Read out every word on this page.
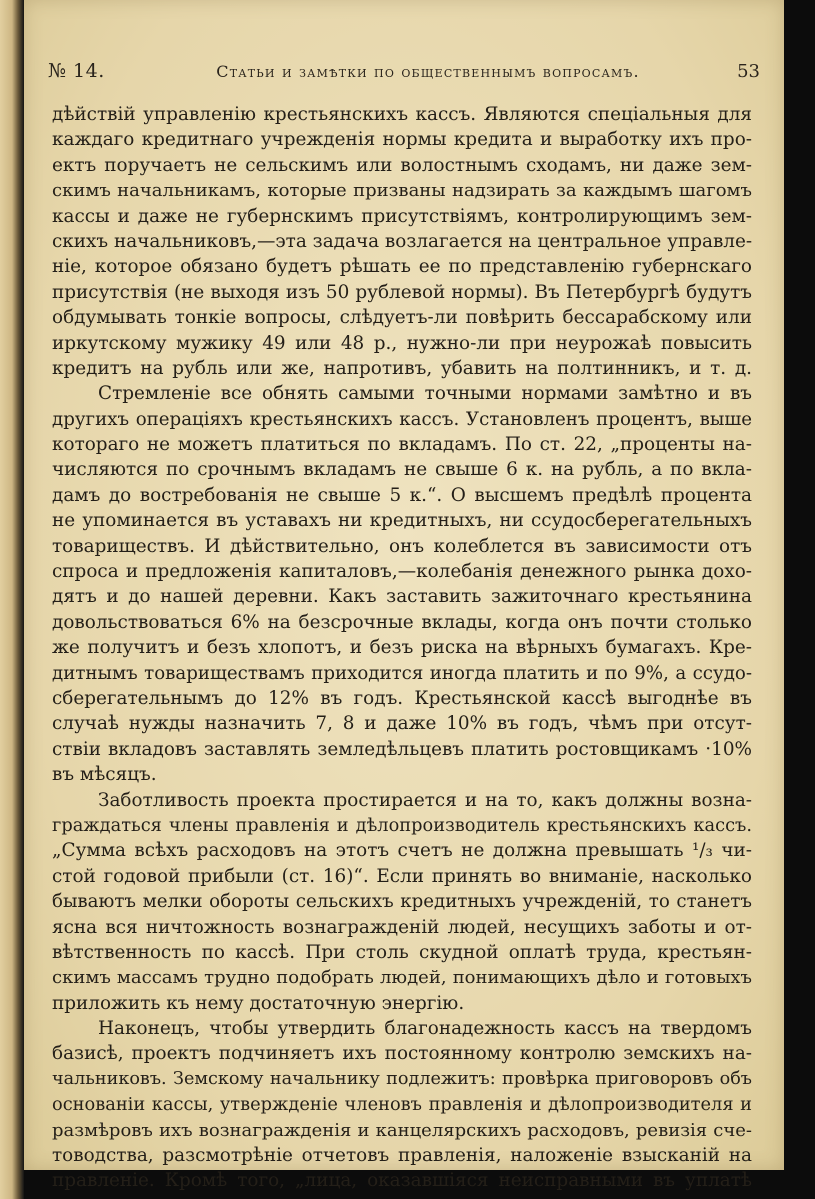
№ 14.	Статьи и замѣтки по общественнымъ вопросамъ.	53
дѣйствій управленію крестьянскихъ кассъ. Являются спеціальныя для
каждаго кредитнаго учрежденія нормы кредита и выработку ихъ про-
ектъ поручаетъ не сельскимъ или волостнымъ сходамъ, ни даже зем-
скимъ начальникамъ, которые призваны надзирать за каждымъ шагомъ
кассы и даже не губернскимъ присутствіямъ, контролирующимъ зем-
скихъ начальниковъ,—эта задача возлагается на центральное управле-
ніе, которое обязано будетъ рѣшать ее по представленію губернскаго
присутствія (не выходя изъ 50 рублевой нормы). Въ Петербургѣ будутъ
обдумывать тонкіе вопросы, слѣдуетъ-ли повѣрить бессарабскому или
иркутскому мужику 49 или 48 р., нужно-ли при неурожаѣ повысить
кредитъ на рубль или же, напротивъ, убавить на полтинникъ, и т. д.
Стремленіе все обнять самыми точными нормами замѣтно и въ
другихъ операціяхъ крестьянскихъ кассъ. Установленъ процентъ, выше
котораго не можетъ платиться по вкладамъ. По ст. 22, „проценты на-
числяются по срочнымъ вкладамъ не свыше 6 к. на рубль, а по вкла-
дамъ до востребованія не свыше 5 к.“. О высшемъ предѣлѣ процента
не упоминается въ уставахъ ни кредитныхъ, ни ссудосберегательныхъ
товариществъ. И дѣйствительно, онъ колеблется въ зависимости отъ
спроса и предложенія капиталовъ,—колебанія денежного рынка дохо-
дятъ и до нашей деревни. Какъ заставить зажиточнаго крестьянина
довольствоваться 6% на безсрочные вклады, когда онъ почти столько
же получитъ и безъ хлопотъ, и безъ риска на вѣрныхъ бумагахъ. Кре-
дитнымъ товариществамъ приходится иногда платить и по 9%, а ссудо-
сберегательнымъ до 12% въ годъ. Крестьянской кассѣ выгоднѣе въ
случаѣ нужды назначить 7, 8 и даже 10% въ годъ, чѣмъ при отсут-
ствіи вкладовъ заставлять земледѣльцевъ платить ростовщикамъ ·10%
въ мѣсяцъ.
Заботливость проекта простирается и на то, какъ должны возна-
граждаться члены правленія и дѣлопроизводитель крестьянскихъ кассъ.
„Сумма всѣхъ расходовъ на этотъ счетъ не должна превышать ¹/₃ чи-
стой годовой прибыли (ст. 16)“. Если принять во вниманіе, насколько
бываютъ мелки обороты сельскихъ кредитныхъ учрежденій, то станетъ
ясна вся ничтожность вознагражденій людей, несущихъ заботы и от-
вѣтственность по кассѣ. При столь скудной оплатѣ труда, крестьян-
скимъ массамъ трудно подобрать людей, понимающихъ дѣло и готовыхъ
приложить къ нему достаточную энергію.
Наконецъ, чтобы утвердить благонадежность кассъ на твердомъ
базисѣ, проектъ подчиняетъ ихъ постоянному контролю земскихъ на-
чальниковъ. Земскому начальнику подлежитъ: провѣрка приговоровъ объ
основаніи кассы, утвержденіе членовъ правленія и дѣлопроизводителя и
размѣровъ ихъ вознагражденія и канцелярскихъ расходовъ, ревизія сче-
товодства, разсмотрѣніе отчетовъ правленія, наложеніе взысканій на
правленіе. Кромѣ того, „лица, оказавшіяся неисправными въ уплатѣ
